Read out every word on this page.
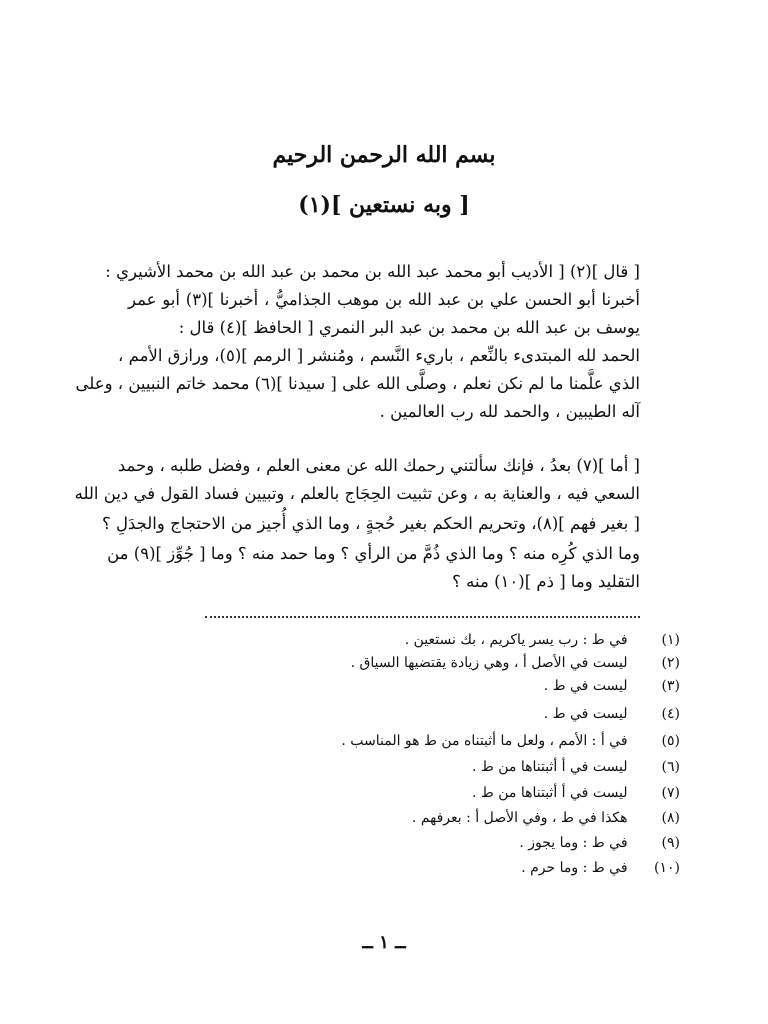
بسم الله الرحمن الرحيم
[ وبه نستعين ](١)
[ قال ](٢) [ الأديب أبو محمد عبد الله بن محمد بن عبد الله بن محمد الأشيري :
أخبرنا أبو الحسن علي بن عبد الله بن موهب الجذاميُّ ، أخبرنا ](٣) أبو عمر
يوسف بن عبد الله بن محمد بن عبد البر النمري [ الحافظ ](٤) قال :
الحمد لله المبتدىء بالنِّعم ، باريء النَّسم ، ومُنشر [ الرمم ](٥)، ورازق الأمم ،
الذي علَّمنا ما لم نكن نعلم ، وصلَّى الله على [ سيدنا ](٦) محمد خاتم النبيين ، وعلى
آله الطيبين ، والحمد لله رب العالمين .
[ أما ](٧) بعدُ ، فإنك سألتني رحمك الله عن معنى العلم ، وفضل طلبه ، وحمد
السعي فيه ، والعناية به ، وعن تثبيت الحِجَاج بالعلم ، وتبيين فساد القول في دين الله
[ بغير فهم ](٨)، وتحريم الحكم بغير حُجةٍ ، وما الذي أُجيز من الاحتجاج والجدَلِ ؟
وما الذي كُرِه منه ؟ وما الذي ذُمَّ من الرأي ؟ وما حمد منه ؟ وما [ جُوِّز ](٩) من
التقليد وما [ ذم ](١٠) منه ؟
(١) في ط : رب يسر ياكريم ، بك نستعين .
(٢) ليست في الأصل أ ، وهي زيادة يقتضيها السياق .
(٣) ليست في ط .
(٤) ليست في ط .
(٥) في أ : الأمم ، ولعل ما أثبتناه من ط هو المناسب .
(٦) ليست في أ أثبتناها من ط .
(٧) ليست في أ أثبتناها من ط .
(٨) هكذا في ط ، وفي الأصل أ : بعرفهم .
(٩) في ط : وما يجوز .
(١٠) في ط : وما حرم .
ــ ١ ــ
